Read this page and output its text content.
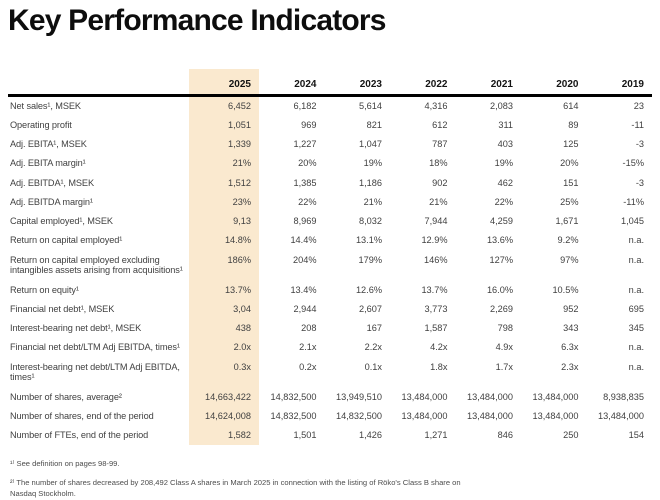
Key Performance Indicators
	2025	2024	2023	2022	2021	2020	2019
Net sales¹, MSEK	6,452	6,182	5,614	4,316	2,083	614	23
Operating profit	1,051	969	821	612	311	89	-11
Adj. EBITA¹, MSEK	1,339	1,227	1,047	787	403	125	-3
Adj. EBITA margin¹	21%	20%	19%	18%	19%	20%	-15%
Adj. EBITDA¹, MSEK	1,512	1,385	1,186	902	462	151	-3
Adj. EBITDA margin¹	23%	22%	21%	21%	22%	25%	-11%
Capital employed¹, MSEK	9,13	8,969	8,032	7,944	4,259	1,671	1,045
Return on capital employed¹	14.8%	14.4%	13.1%	12.9%	13.6%	9.2%	n.a.
Return on capital employed excluding intangibles assets arising from acquisitions¹	186%	204%	179%	146%	127%	97%	n.a.
Return on equity¹	13.7%	13.4%	12.6%	13.7%	16.0%	10.5%	n.a.
Financial net debt¹, MSEK	3,04	2,944	2,607	3,773	2,269	952	695
Interest-bearing net debt¹, MSEK	438	208	167	1,587	798	343	345
Financial net debt/LTM Adj EBITDA, times¹	2.0x	2.1x	2.2x	4.2x	4.9x	6.3x	n.a.
Interest-bearing net debt/LTM Adj EBITDA, times¹	0.3x	0.2x	0.1x	1.8x	1.7x	2.3x	n.a.
Number of shares, average²	14,663,422	14,832,500	13,949,510	13,484,000	13,484,000	13,484,000	8,938,835
Number of shares, end of the period	14,624,008	14,832,500	14,832,500	13,484,000	13,484,000	13,484,000	13,484,000
Number of FTEs, end of the period	1,582	1,501	1,426	1,271	846	250	154

¹⁾ See definition on pages 98-99.

²⁾ The number of shares decreased by 208,492 Class A shares in March 2025 in connection with the listing of Röko's Class B share on Nasdaq Stockholm.
